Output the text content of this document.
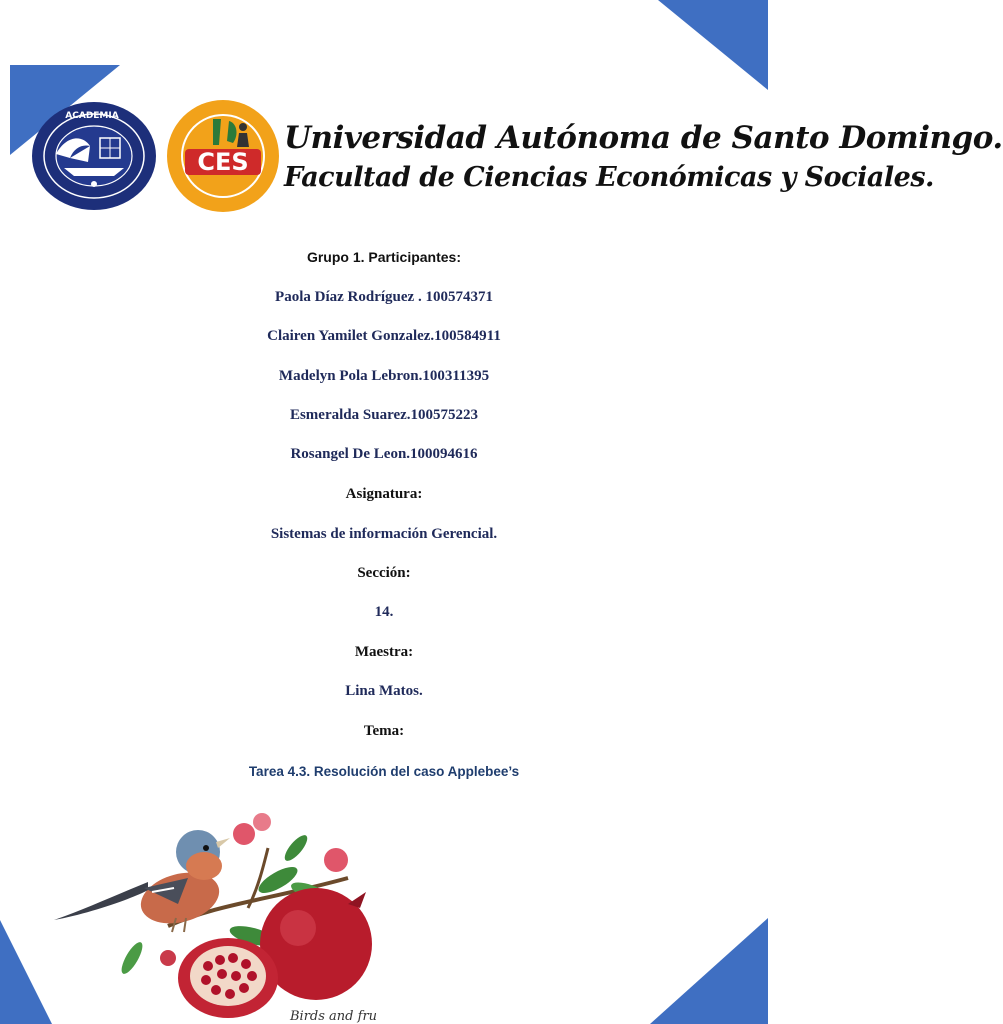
ACADEMIA
CES
Universidad Autónoma de Santo Domingo.
Facultad de Ciencias Económicas y Sociales.
Grupo 1. Participantes:
Paola Díaz Rodríguez . 100574371
Clairen Yamilet Gonzalez.100584911
Madelyn Pola Lebron.100311395
Esmeralda Suarez.100575223
Rosangel De Leon.100094616
Asignatura:
Sistemas de información Gerencial.
Sección:
14.
Maestra:
Lina Matos.
Tema:
Tarea 4.3. Resolución del caso Applebee’s
Birds and fru
